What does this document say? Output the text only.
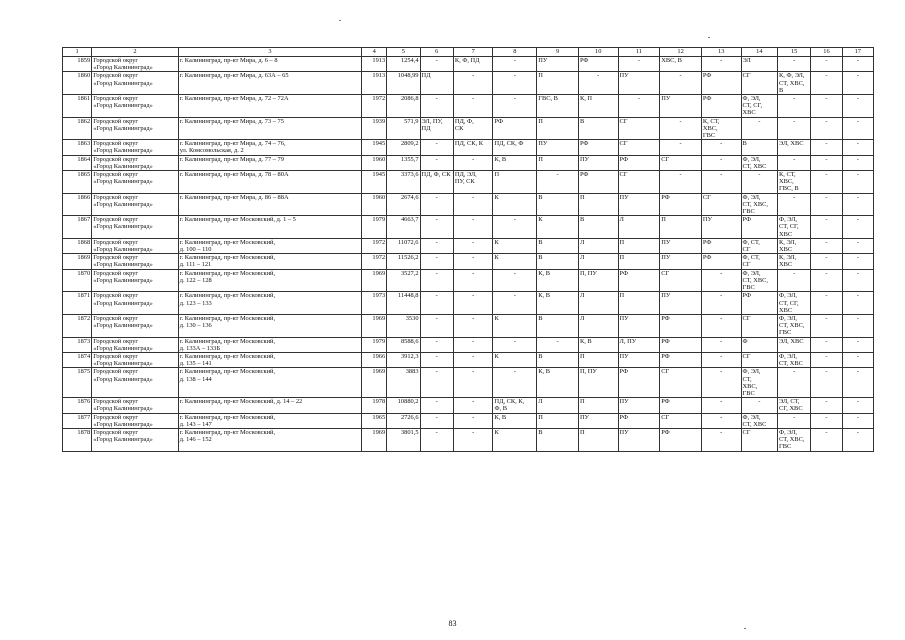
1	2	3	4	5	6	7	8	9	10	11	12	13	14	15	16	17
1859	Городской округ
«Город Калининград»	г. Калининград, пр-кт Мира, д. 6 – 8	1913	1254,4	-	К, Ф, ПД	-	ПУ	РФ	-	ХВС, В	-	ЭЛ	-	-	-
1860	Городской округ
«Город Калининград»	г. Калининград, пр-кт Мира, д. 63А – 65	1913	1048,99	ПД	-	-	П	-	ПУ	-	РФ	СГ	К, Ф, ЭЛ,
СТ, ХВС,
В	-	-
1861	Городской округ
«Город Калининград»	г. Калининград, пр-кт Мира, д. 72 – 72А	1972	2086,8	-	-	-	ГВС, В	К, П	-	ПУ	РФ	Ф, ЭЛ,
СТ, СГ,
ХВС	-	-	-
1862	Городской округ
«Город Калининград»	г. Калининград, пр-кт Мира, д. 73 – 75	1939	571,9	ЭЛ, ПУ,
ПД	ПД, Ф,
СК	РФ	П	В	СГ	-	К, СТ,
ХВС,
ГВС	-	-	-	-
1863	Городской округ
«Город Калининград»	г. Калининград, пр-кт Мира, д. 74 – 76,
ул. Комсомольская, д. 2	1945	2809,2	-	ПД, СК, К	ПД, СК, Ф	ПУ	РФ	СГ	-	-	В	ЭЛ, ХВС	-	-
1864	Городской округ
«Город Калининград»	г. Калининград, пр-кт Мира, д. 77 – 79	1960	1355,7	-	-	К, В	П	ПУ	РФ	СГ	-	Ф, ЭЛ,
СТ, ХВС	-	-	-
1865	Городской округ
«Город Калининград»	г. Калининград, пр-кт Мира, д. 78 – 80А	1945	3373,6	ПД, Ф, СК	ПД, ЭЛ,
ПУ, СК	П	-	РФ	СГ	-	-	-	К, СТ,
ХВС,
ГВС, В	-	-
1866	Городской округ
«Город Калининград»	г. Калининград, пр-кт Мира, д. 86 – 88А	1960	2674,6	-	-	К	В	П	ПУ	РФ	СГ	Ф, ЭЛ,
СТ, ХВС,
ГВС	-	-	-
1867	Городской округ
«Город Калининград»	г. Калининград, пр-кт Московский, д. 1 – 5	1979	4663,7	-	-	-	К	В	Л	П	ПУ	РФ	Ф, ЭЛ,
СТ, СГ,
ХВС	-	-
1868	Городской округ
«Город Калининград»	г. Калининград, пр-кт Московский,
д. 100 – 110	1972	11072,6	-	-	К	В	Л	П	ПУ	РФ	Ф, СТ,
СГ	К, ЭЛ,
ХВС	-	-
1869	Городской округ
«Город Калининград»	г. Калининград, пр-кт Московский,
д. 111 – 121	1972	11526,2	-	-	К	В	Л	П	ПУ	РФ	Ф, СТ,
СГ	К, ЭЛ,
ХВС	-	-
1870	Городской округ
«Город Калининград»	г. Калининград, пр-кт Московский,
д. 122 – 128	1969	3527,2	-	-	-	К, В	П, ПУ	РФ	СГ	-	Ф, ЭЛ,
СТ, ХВС,
ГВС	-	-	-
1871	Городской округ
«Город Калининград»	г. Калининград, пр-кт Московский,
д. 123 – 133	1973	11448,8	-	-	-	К, В	Л	П	ПУ	-	РФ	Ф, ЭЛ,
СТ, СГ,
ХВС	-	-
1872	Городской округ
«Город Калининград»	г. Калининград, пр-кт Московский,
д. 130 – 136	1969	3530	-	-	К	В	Л	ПУ	РФ	-	СГ	Ф, ЭЛ,
СТ, ХВС,
ГВС	-	-
1873	Городской округ
«Город Калининград»	г. Калининград, пр-кт Московский,
д. 133А – 133Б	1979	8588,6	-	-	-	-	К, В	Л, ПУ	РФ	-	Ф	ЭЛ, ХВС	-	-
1874	Городской округ
«Город Калининград»	г. Калининград, пр-кт Московский,
д. 135 – 141	1966	3912,3	-	-	К	В	П	ПУ	РФ	-	СГ	Ф, ЭЛ,
СТ, ХВС	-	-
1875	Городской округ
«Город Калининград»	г. Калининград, пр-кт Московский,
д. 138 – 144	1969	3883	-	-	-	К, В	П, ПУ	РФ	СГ	-	Ф, ЭЛ,
СТ,
ХВС,
ГВС	-	-	-
1876	Городской округ
«Город Калининград»	г. Калининград, пр-кт Московский, д. 14 – 22	1978	10880,2	-	-	ПД, СК, К,
Ф, В	Л	П	ПУ	РФ	-	-	ЭЛ, СТ,
СГ, ХВС	-	-
1877	Городской округ
«Город Калининград»	г. Калининград, пр-кт Московский,
д. 143 – 147	1965	2726,6	-	-	К, В	П	ПУ	РФ	СГ	-	Ф, ЭЛ,
СТ, ХВС	-	-	-
1878	Городской округ
«Город Калининград»	г. Калининград, пр-кт Московский,
д. 146 – 152	1969	3801,5	-	-	К	В	П	ПУ	РФ	-	СГ	Ф, ЭЛ,
СТ, ХВС,
ГВС	-	-
83
